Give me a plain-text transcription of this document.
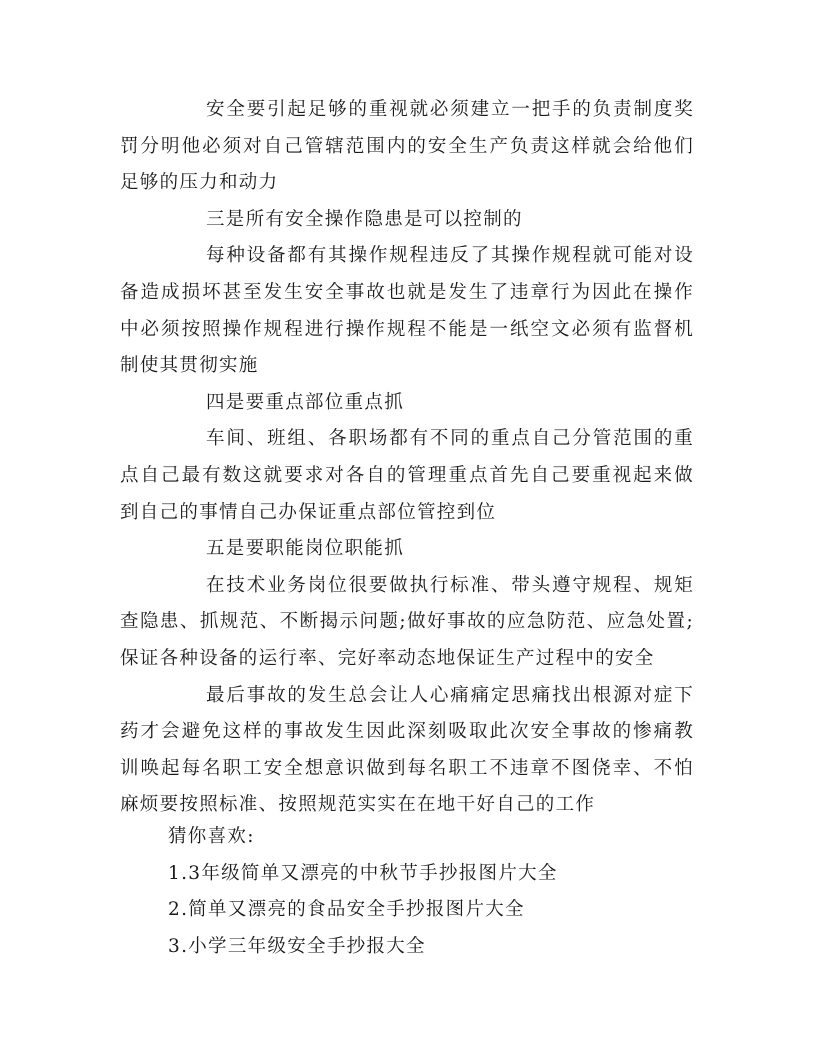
安全要引起足够的重视就必须建立一把手的负责制度奖罚分明他必须对自己管辖范围内的安全生产负责这样就会给他们足够的压力和动力

三是所有安全操作隐患是可以控制的

每种设备都有其操作规程违反了其操作规程就可能对设备造成损坏甚至发生安全事故也就是发生了违章行为因此在操作中必须按照操作规程进行操作规程不能是一纸空文必须有监督机制使其贯彻实施

四是要重点部位重点抓

车间、班组、各职场都有不同的重点自己分管范围的重点自己最有数这就要求对各自的管理重点首先自己要重视起来做到自己的事情自己办保证重点部位管控到位

五是要职能岗位职能抓

在技术业务岗位很要做执行标准、带头遵守规程、规矩查隐患、抓规范、不断揭示问题;做好事故的应急防范、应急处置;保证各种设备的运行率、完好率动态地保证生产过程中的安全

最后事故的发生总会让人心痛痛定思痛找出根源对症下药才会避免这样的事故发生因此深刻吸取此次安全事故的惨痛教训唤起每名职工安全想意识做到每名职工不违章不图侥幸、不怕麻烦要按照标准、按照规范实实在在地干好自己的工作

猜你喜欢:

1.3年级简单又漂亮的中秋节手抄报图片大全
2.简单又漂亮的食品安全手抄报图片大全
3.小学三年级安全手抄报大全
